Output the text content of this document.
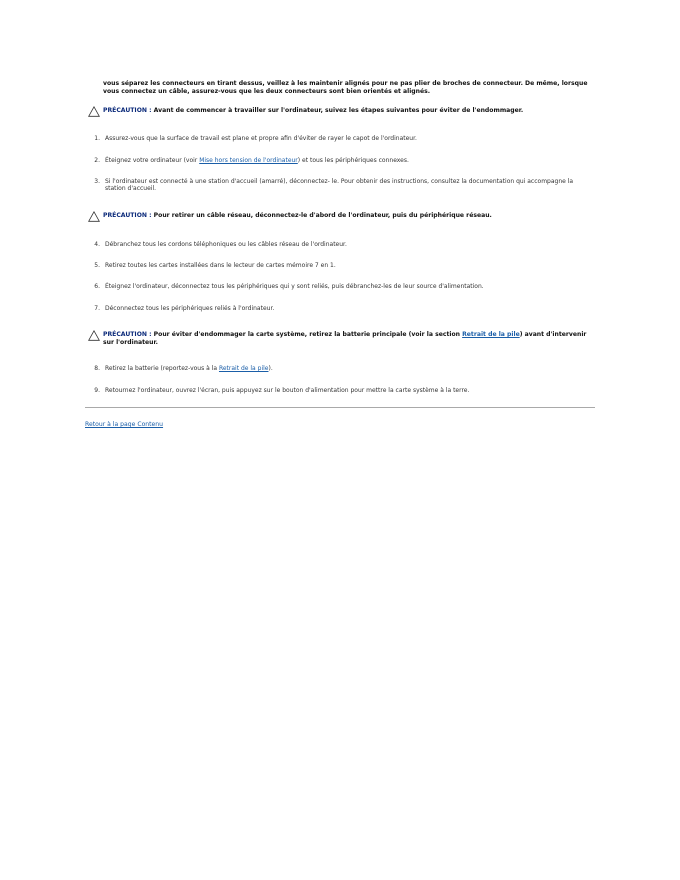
vous séparez les connecteurs en tirant dessus, veillez à les maintenir alignés pour ne pas plier de broches de connecteur. De même, lorsque vous connectez un câble, assurez-vous que les deux connecteurs sont bien orientés et alignés.
PRÉCAUTION : Avant de commencer à travailler sur l'ordinateur, suivez les étapes suivantes pour éviter de l'endommager.
1. Assurez-vous que la surface de travail est plane et propre afin d'éviter de rayer le capot de l'ordinateur.
2. Éteignez votre ordinateur (voir Mise hors tension de l'ordinateur) et tous les périphériques connexes.
3. Si l'ordinateur est connecté à une station d'accueil (amarré), déconnectez- le. Pour obtenir des instructions, consultez la documentation qui accompagne la station d'accueil.
PRÉCAUTION : Pour retirer un câble réseau, déconnectez-le d'abord de l'ordinateur, puis du périphérique réseau.
4. Débranchez tous les cordons téléphoniques ou les câbles réseau de l'ordinateur.
5. Retirez toutes les cartes installées dans le lecteur de cartes mémoire 7 en 1.
6. Éteignez l'ordinateur, déconnectez tous les périphériques qui y sont reliés, puis débranchez-les de leur source d'alimentation.
7. Déconnectez tous les périphériques reliés à l'ordinateur.
PRÉCAUTION : Pour éviter d'endommager la carte système, retirez la batterie principale (voir la section Retrait de la pile) avant d'intervenir sur l'ordinateur.
8. Retirez la batterie (reportez-vous à la Retrait de la pile).
9. Retournez l'ordinateur, ouvrez l'écran, puis appuyez sur le bouton d'alimentation pour mettre la carte système à la terre.
Retour à la page Contenu
